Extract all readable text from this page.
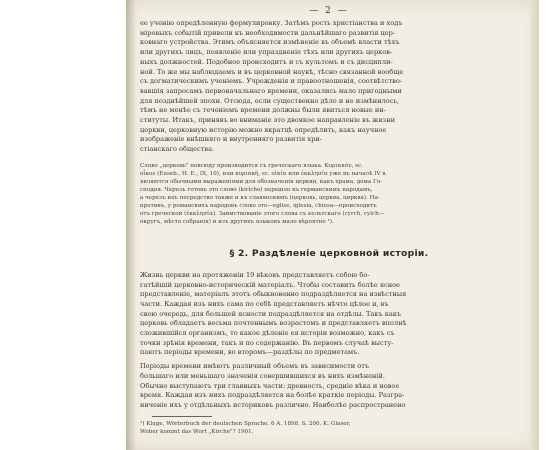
— 2 —

ее ученію опредѣленную формулировку. Затѣмъ рость христіанства и ходъ
міровыхъ событій привели къ необходимости дальнѣйшаго развитія цер-
ковнаго устройства. Этимъ объясняется измѣненіе въ объемѣ власти тѣхъ
или другихъ лицъ, появленіе или упраздненіе тѣхъ или другихъ церков-
ныхъ должностей. Подобное происходитъ и съ культомъ и съ дисципли-
ной. То же мы наблюдаемъ и въ церковной наукѣ, тѣсно связанной вообще
съ догматическимъ ученіемъ. Учрежденія и правоотношенія, соотвѣтство-
вавшія запросамъ первоначальнаго времени, оказались мало пригодными
для позднѣйшей эпохи. Отсюда, если существенно дѣло и не измѣнилось,
тѣмъ не менѣе съ теченіемъ времени должны были явиться новые ин-
ституты. Итакъ, принявъ во вниманіе это двоякое направленіе въ жизни
церкви, церковную исторію можно вкратцѣ опредѣлить, какъ научное
изображеніе внѣшняго и внутренняго развитія хри-
стіанскаго общества.

Слово „церковь" повсюду производится съ греческаго языка. Κυριακόν, sc.
οἶκοs (Euseb., H. E., IX, 10), или κυριακή, sc. οἰκία или ἐκκλησία уже въ началѣ IV в.
являются обычными выраженіями для обозначенія церкви, какъ храма, дома Го-
сподня. Черезъ готовъ это слово (kirícho) перешло къ германскимъ народамъ,
а черезъ ихъ посредство также и къ славянскимъ (церковь, церква, цирква). На-
противъ, у романскихъ народовъ слово это—eglise, iglesia, chiesa—происходитъ
отъ греческой (ἐκκλησία). Заимствованіе этого слова съ кельтскаго (cyrch, cylch—
округъ, мѣсто собранія) и изъ другихъ языковъ мало вѣроятно ¹).

§ 2. Раздѣленіе церковной исторіи.

Жизнь церкви на протяженіи 19 вѣковъ представляетъ собою бо-
гатѣйшій церковно-историческій матеріалъ. Чтобы составить болѣе ясное
представленіе, матеріалъ этотъ обыкновенно подраздѣляется на извѣстныя
части. Каждая изъ нихъ сама по себѣ представляетъ нѣчто цѣлое и, въ
свою очередь, для большей ясности подраздѣляется на отдѣлы. Такъ какъ
церковь обладаетъ весьма почтеннымъ возрастомъ и представляетъ вполнѣ
сложившійся организмъ, то какое дѣленіе ея исторіи возможно, какъ съ
точки зрѣнія времени, такъ и по содержанію. Въ первомъ случаѣ высту-
паютъ періоды времени, во второмъ—раздѣлы по предметамъ.

Періоды времени имѣютъ различный объемъ въ зависимости отъ
большаго или меньшаго значенія совершившихся въ нихъ измѣненій.
Обычно выступаютъ три главныхъ части: древность, средніе вѣка и новое
время. Каждая изъ нихъ подраздѣляется на болѣе краткіе періоды. Разгра-
ниченіе ихъ у отдѣльныхъ историковъ различно. Наиболѣе распространено

¹) Kluge, Wörterbuch der deutschen Sprache. 6 A. 1898. S. 206. K. Glaser,
Wober kommt das Wort „Kirche"? 1901.
